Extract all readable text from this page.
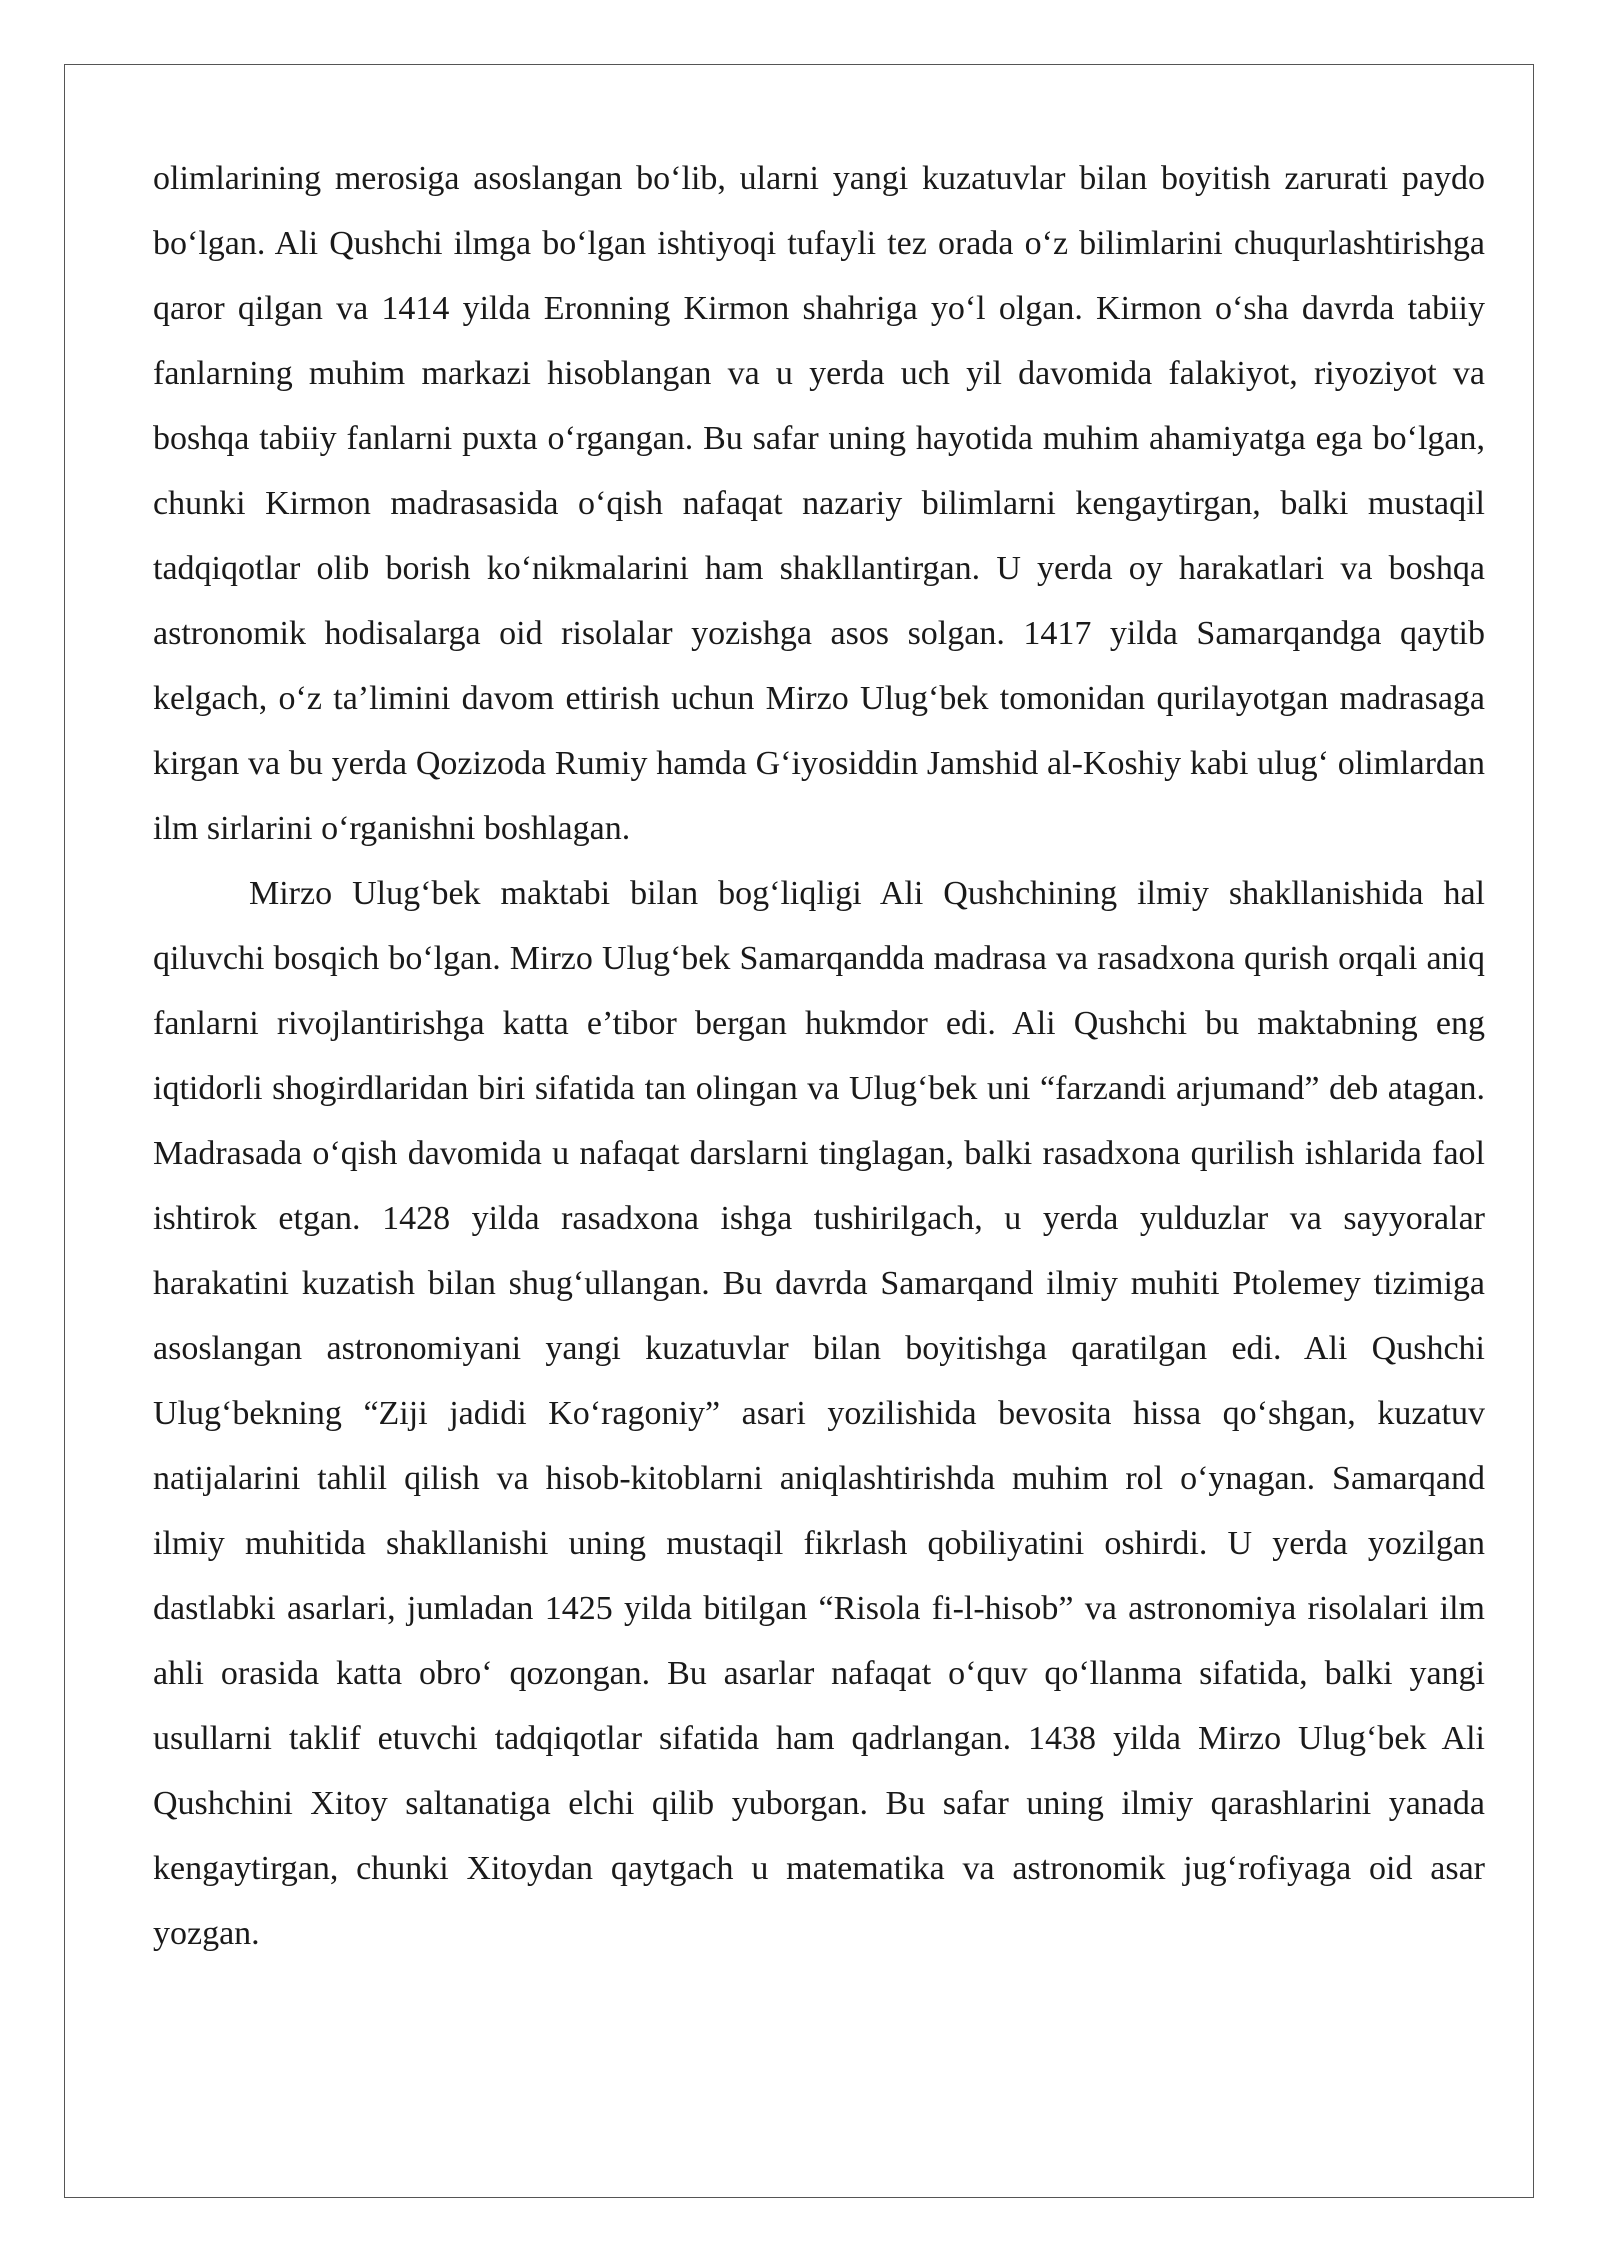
olimlarining merosiga asoslangan bo‘lib, ularni yangi kuzatuvlar bilan boyitish zarurati paydo bo‘lgan. Ali Qushchi ilmga bo‘lgan ishtiyoqi tufayli tez orada o‘z bilimlarini chuqurlashtirishga qaror qilgan va 1414 yilda Eronning Kirmon shahriga yo‘l olgan. Kirmon o‘sha davrda tabiiy fanlarning muhim markazi hisoblangan va u yerda uch yil davomida falakiyot, riyoziyot va boshqa tabiiy fanlarni puxta o‘rgangan. Bu safar uning hayotida muhim ahamiyatga ega bo‘lgan, chunki Kirmon madrasasida o‘qish nafaqat nazariy bilimlarni kengaytirgan, balki mustaqil tadqiqotlar olib borish ko‘nikmalarini ham shakllantirgan. U yerda oy harakatlari va boshqa astronomik hodisalarga oid risolalar yozishga asos solgan. 1417 yilda Samarqandga qaytib kelgach, o‘z ta’limini davom ettirish uchun Mirzo Ulug‘bek tomonidan qurilayotgan madrasaga kirgan va bu yerda Qozizoda Rumiy hamda G‘iyosiddin Jamshid al-Koshiy kabi ulug‘ olimlardan ilm sirlarini o‘rganishni boshlagan.

Mirzo Ulug‘bek maktabi bilan bog‘liqligi Ali Qushchining ilmiy shakllanishida hal qiluvchi bosqich bo‘lgan. Mirzo Ulug‘bek Samarqandda madrasa va rasadxona qurish orqali aniq fanlarni rivojlantirishga katta e’tibor bergan hukmdor edi. Ali Qushchi bu maktabning eng iqtidorli shogirdlaridan biri sifatida tan olingan va Ulug‘bek uni “farzandi arjumand” deb atagan. Madrasada o‘qish davomida u nafaqat darslarni tinglagan, balki rasadxona qurilish ishlarida faol ishtirok etgan. 1428 yilda rasadxona ishga tushirilgach, u yerda yulduzlar va sayyoralar harakatini kuzatish bilan shug‘ullangan. Bu davrda Samarqand ilmiy muhiti Ptolemey tizimiga asoslangan astronomiyani yangi kuzatuvlar bilan boyitishga qaratilgan edi. Ali Qushchi Ulug‘bekning “Ziji jadidi Ko‘ragoniy” asari yozilishida bevosita hissa qo‘shgan, kuzatuv natijalarini tahlil qilish va hisob-kitoblarni aniqlashtirishda muhim rol o‘ynagan. Samarqand ilmiy muhitida shakllanishi uning mustaqil fikrlash qobiliyatini oshirdi. U yerda yozilgan dastlabki asarlari, jumladan 1425 yilda bitilgan “Risola fi-l-hisob” va astronomiya risolalari ilm ahli orasida katta obro‘ qozongan. Bu asarlar nafaqat o‘quv qo‘llanma sifatida, balki yangi usullarni taklif etuvchi tadqiqotlar sifatida ham qadrlangan. 1438 yilda Mirzo Ulug‘bek Ali Qushchini Xitoy saltanatiga elchi qilib yuborgan. Bu safar uning ilmiy qarashlarini yanada kengaytirgan, chunki Xitoydan qaytgach u matematika va astronomik jug‘rofiyaga oid asar yozgan.
